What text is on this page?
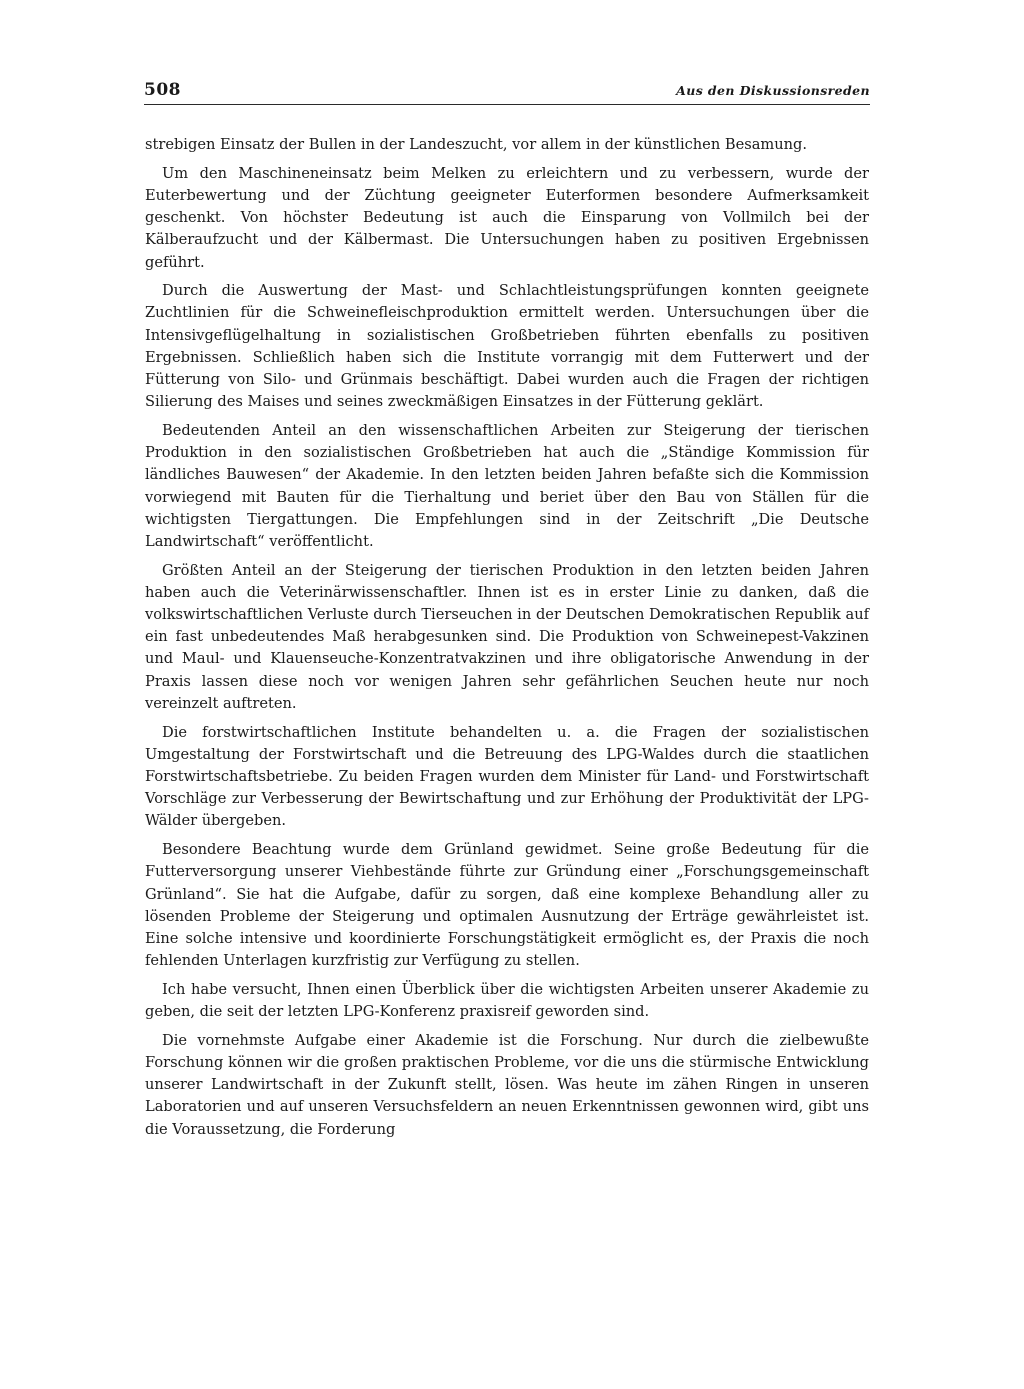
508	Aus den Diskussionsreden

strebigen Einsatz der Bullen in der Landeszucht, vor allem in der künstlichen Besamung.

Um den Maschineneinsatz beim Melken zu erleichtern und zu verbessern, wurde der Euterbewertung und der Züchtung geeigneter Euterformen besondere Aufmerksamkeit geschenkt. Von höchster Bedeutung ist auch die Einsparung von Vollmilch bei der Kälberaufzucht und der Kälbermast. Die Untersuchungen haben zu positiven Ergebnissen geführt.

Durch die Auswertung der Mast- und Schlachtleistungsprüfungen konnten geeignete Zuchtlinien für die Schweinefleischproduktion ermittelt werden. Untersuchungen über die Intensivgeflügelhaltung in sozialistischen Großbetrieben führten ebenfalls zu positiven Ergebnissen. Schließlich haben sich die Institute vorrangig mit dem Futterwert und der Fütterung von Silo- und Grünmais beschäftigt. Dabei wurden auch die Fragen der richtigen Silierung des Maises und seines zweckmäßigen Einsatzes in der Fütterung geklärt.

Bedeutenden Anteil an den wissenschaftlichen Arbeiten zur Steigerung der tierischen Produktion in den sozialistischen Großbetrieben hat auch die „Ständige Kommission für ländliches Bauwesen“ der Akademie. In den letzten beiden Jahren befaßte sich die Kommission vorwiegend mit Bauten für die Tierhaltung und beriet über den Bau von Ställen für die wichtigsten Tiergattungen. Die Empfehlungen sind in der Zeitschrift „Die Deutsche Landwirtschaft“ veröffentlicht.

Größten Anteil an der Steigerung der tierischen Produktion in den letzten beiden Jahren haben auch die Veterinärwissenschaftler. Ihnen ist es in erster Linie zu danken, daß die volkswirtschaftlichen Verluste durch Tierseuchen in der Deutschen Demokratischen Republik auf ein fast unbedeutendes Maß herabgesunken sind. Die Produktion von Schweinepest-Vakzinen und Maul- und Klauenseuche-Konzentratvakzinen und ihre obligatorische Anwendung in der Praxis lassen diese noch vor wenigen Jahren sehr gefährlichen Seuchen heute nur noch vereinzelt auftreten.

Die forstwirtschaftlichen Institute behandelten u. a. die Fragen der sozialistischen Umgestaltung der Forstwirtschaft und die Betreuung des LPG-Waldes durch die staatlichen Forstwirtschaftsbetriebe. Zu beiden Fragen wurden dem Minister für Land- und Forstwirtschaft Vorschläge zur Verbesserung der Bewirtschaftung und zur Erhöhung der Produktivität der LPG-Wälder übergeben.

Besondere Beachtung wurde dem Grünland gewidmet. Seine große Bedeutung für die Futterversorgung unserer Viehbestände führte zur Gründung einer „Forschungsgemeinschaft Grünland“. Sie hat die Aufgabe, dafür zu sorgen, daß eine komplexe Behandlung aller zu lösenden Probleme der Steigerung und optimalen Ausnutzung der Erträge gewährleistet ist. Eine solche intensive und koordinierte Forschungstätigkeit ermöglicht es, der Praxis die noch fehlenden Unterlagen kurzfristig zur Verfügung zu stellen.

Ich habe versucht, Ihnen einen Überblick über die wichtigsten Arbeiten unserer Akademie zu geben, die seit der letzten LPG-Konferenz praxisreif geworden sind.

Die vornehmste Aufgabe einer Akademie ist die Forschung. Nur durch die zielbewußte Forschung können wir die großen praktischen Probleme, vor die uns die stürmische Entwicklung unserer Landwirtschaft in der Zukunft stellt, lösen. Was heute im zähen Ringen in unseren Laboratorien und auf unseren Versuchsfeldern an neuen Erkenntnissen gewonnen wird, gibt uns die Voraussetzung, die Forderung
